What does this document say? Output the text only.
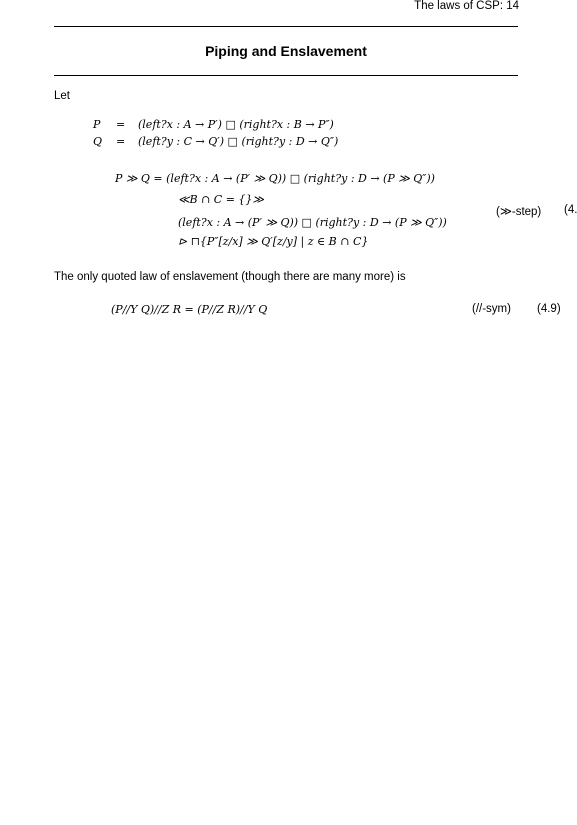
The laws of CSP: 14
Piping and Enslavement
Let
P = (left?x : A → P′) □ (right?x : B → P″)
Q = (left?y : C → Q′) □ (right?y : D → Q″)
P ≫ Q = (left?x : A → (P′ ≫ Q)) □ (right?y : D → (P ≫ Q″))
≪B ∩ C = {}≫
(left?x : A → (P′ ≫ Q)) □ (right?y : D → (P ≫ Q″))
⊳ ⊓{P″[z/x] ≫ Q′[z/y] | z ∈ B ∩ C}
(≫-step) (4.
The only quoted law of enslavement (though there are many more) is
(P//Y Q)//Z R = (P//Z R)//Y Q	(//-sym) (4.9)
